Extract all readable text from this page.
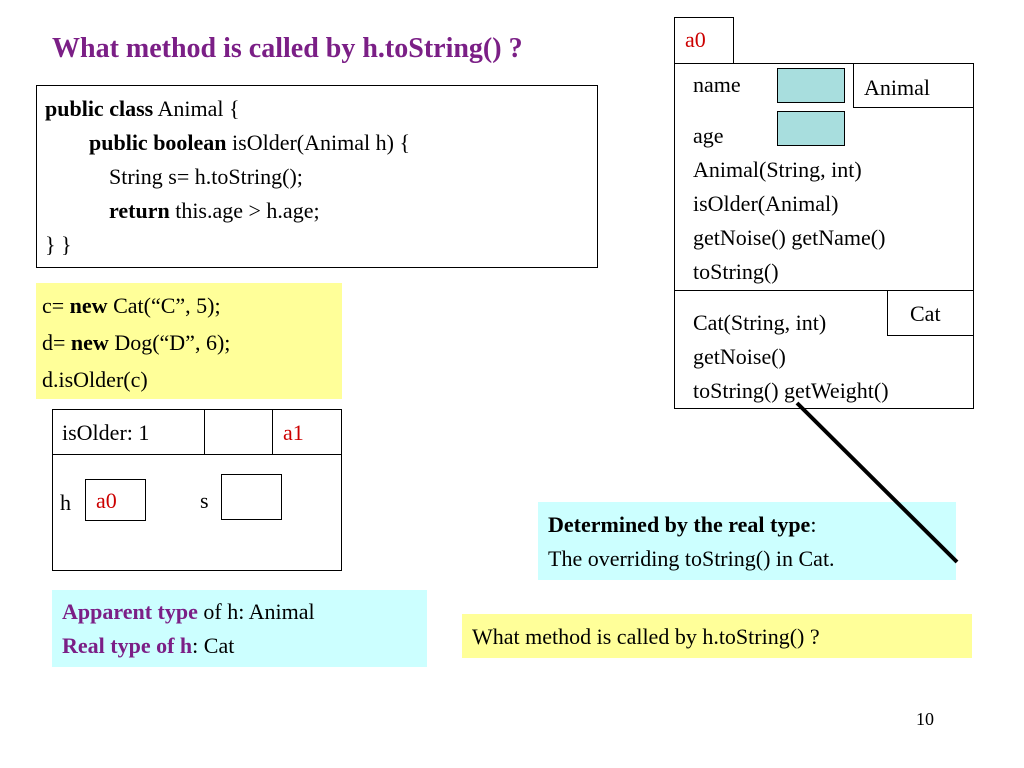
What method is called by h.toString() ?
public class Animal {
public boolean isOlder(Animal h) {
String s= h.toString();
return this.age > h.age;
} }
c= new Cat(“C”, 5);
d= new Dog(“D”, 6);
d.isOlder(c)
isOlder: 1	a1
h a0	s
Apparent type of h: Animal
Real type of h: Cat
a0
name	Animal
age
Animal(String, int)
isOlder(Animal)
getNoise() getName()
toString()
Cat
Cat(String, int)
getNoise()
toString() getWeight()
Determined by the real type:
The overriding toString() in Cat.
What method is called by h.toString() ?
10
